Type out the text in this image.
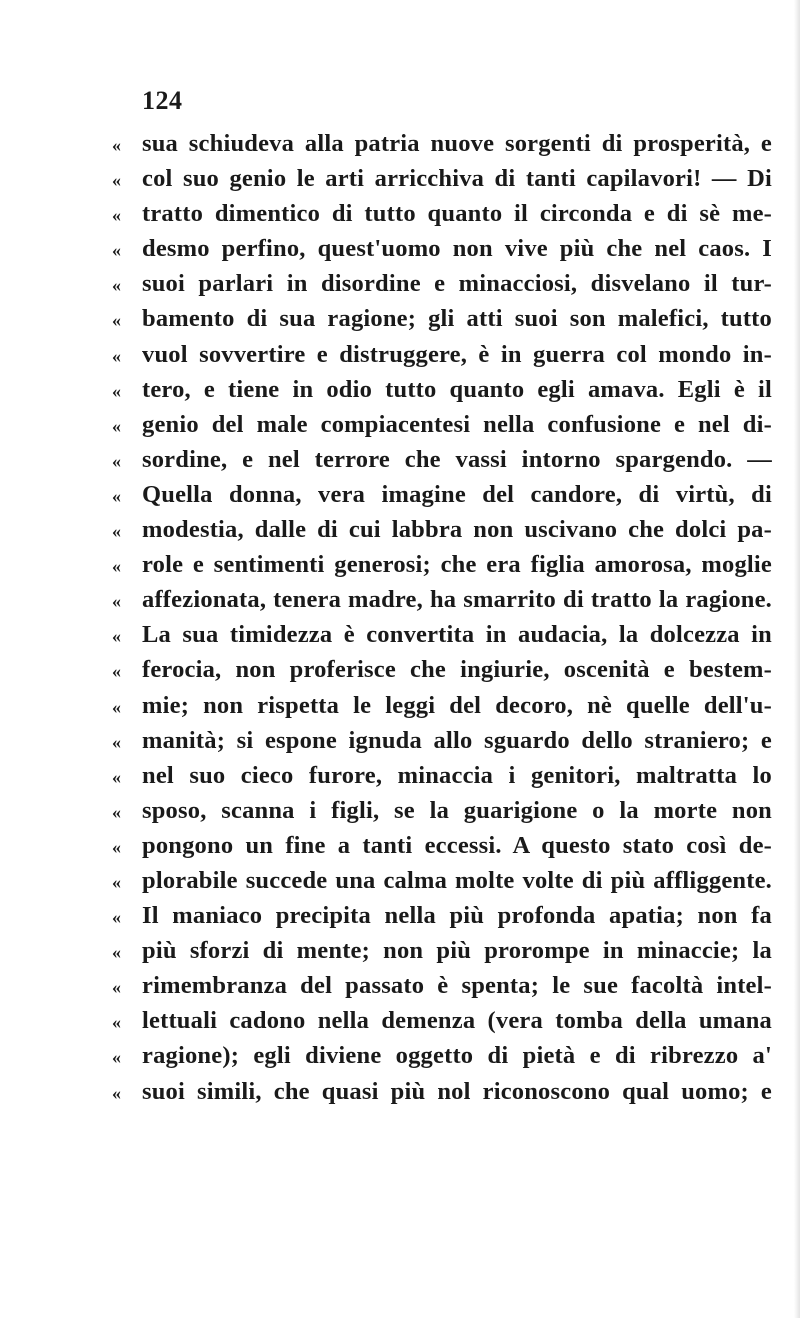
124
« sua schiudeva alla patria nuove sorgenti di prosperità, e
« col suo genio le arti arricchiva di tanti capilavori! — Di
« tratto dimentico di tutto quanto il circonda e di sè me-
« desmo perfino, quest'uomo non vive più che nel caos. I
« suoi parlari in disordine e minacciosi, disvelano il tur-
« bamento di sua ragione; gli atti suoi son malefici, tutto
« vuol sovvertire e distruggere, è in guerra col mondo in-
« tero, e tiene in odio tutto quanto egli amava. Egli è il
« genio del male compiacentesi nella confusione e nel di-
« sordine, e nel terrore che vassi intorno spargendo. —
« Quella donna, vera imagine del candore, di virtù, di
« modestia, dalle di cui labbra non uscivano che dolci pa-
« role e sentimenti generosi; che era figlia amorosa, moglie
« affezionata, tenera madre, ha smarrito di tratto la ragione.
« La sua timidezza è convertita in audacia, la dolcezza in
« ferocia, non proferisce che ingiurie, oscenità e bestem-
« mie; non rispetta le leggi del decoro, nè quelle dell'u-
« manità; si espone ignuda allo sguardo dello straniero; e
« nel suo cieco furore, minaccia i genitori, maltratta lo
« sposo, scanna i figli, se la guarigione o la morte non
« pongono un fine a tanti eccessi. A questo stato così de-
« plorabile succede una calma molte volte di più affliggente.
« Il maniaco precipita nella più profonda apatia; non fa
« più sforzi di mente; non più prorompe in minaccie; la
« rimembranza del passato è spenta; le sue facoltà intel-
« lettuali cadono nella demenza (vera tomba della umana
« ragione); egli diviene oggetto di pietà e di ribrezzo a'
« suoi simili, che quasi più nol riconoscono qual uomo; e
